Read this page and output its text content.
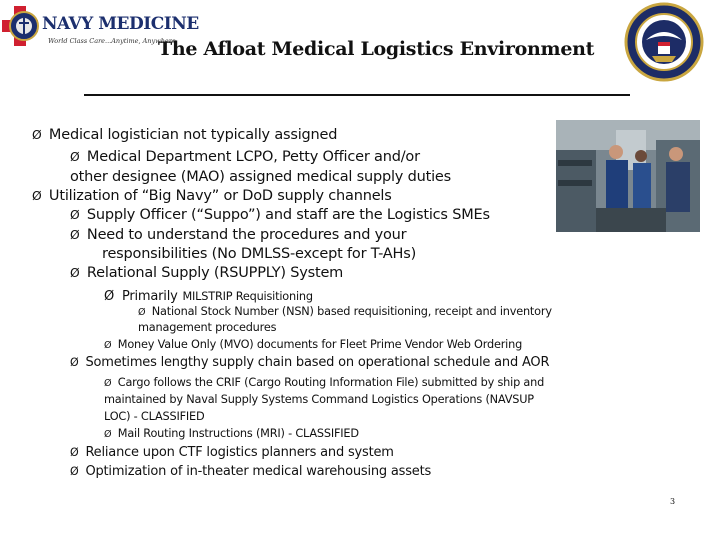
NAVY MEDICINE
World Class Care...Anytime, Anywhere
The Afloat Medical Logistics Environment
Ø Medical logistician not typically assigned
Ø Medical Department LCPO, Petty Officer and/or
other designee (MAO) assigned medical supply duties
Ø Utilization of “Big Navy” or DoD supply channels
Ø Supply Officer (“Suppo”) and staff are the Logistics SMEs
Ø Need to understand the procedures and your
responsibilities (No DMLSS-except for T-AHs)
Ø Relational Supply (RSUPPLY) System
Ø Primarily MILSTRIP Requisitioning
Ø National Stock Number (NSN) based requisitioning, receipt and inventory
management procedures
Ø Money Value Only (MVO) documents for Fleet Prime Vendor Web Ordering
Ø Sometimes lengthy supply chain based on operational schedule and AOR
Ø Cargo follows the CRIF (Cargo Routing Information File) submitted by ship and
maintained by Naval Supply Systems Command Logistics Operations (NAVSUP
LOC) - CLASSIFIED
Ø Mail Routing Instructions (MRI) - CLASSIFIED
Ø Reliance upon CTF logistics planners and system
Ø Optimization of in-theater medical warehousing assets
3
